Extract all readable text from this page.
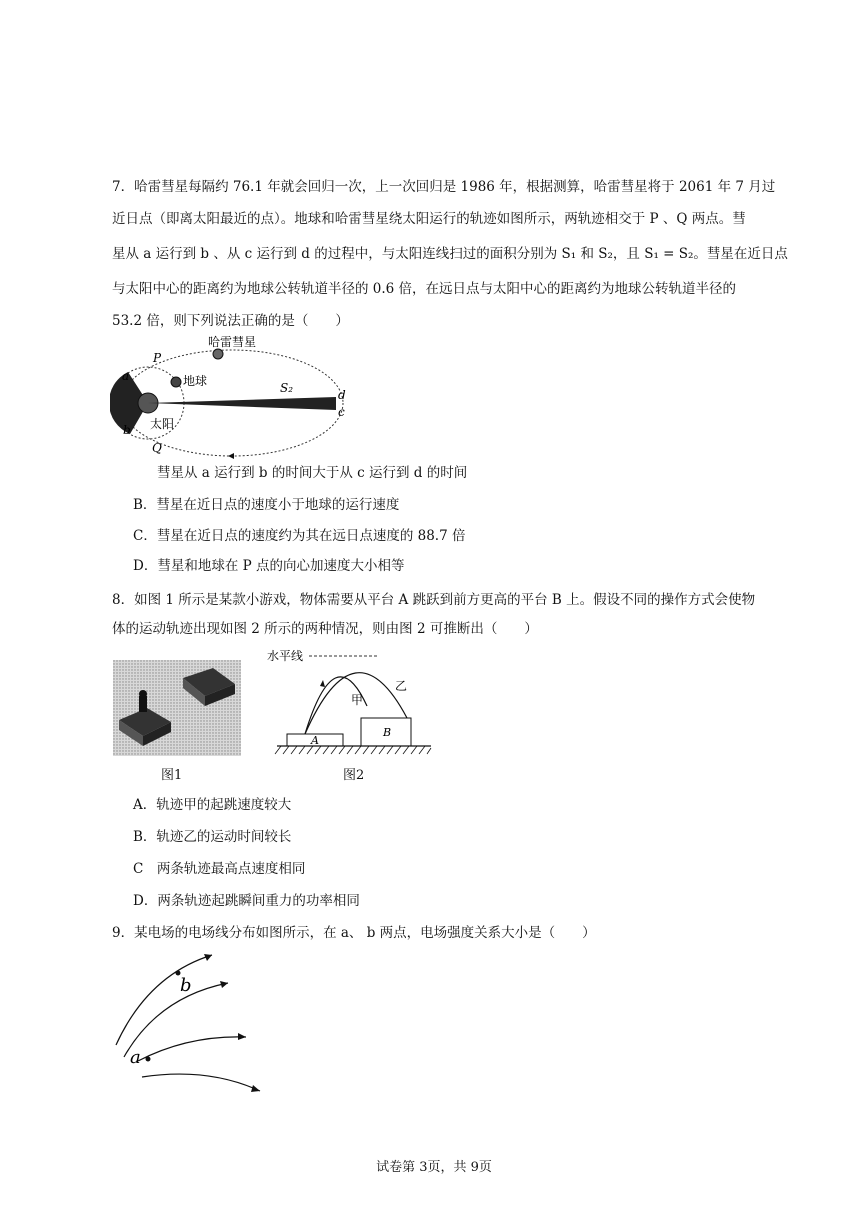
7．哈雷彗星每隔约 76.1 年就会回归一次，上一次回归是 1986 年，根据测算，哈雷彗星将于 2061 年 7 月过
近日点（即离太阳最近的点）。地球和哈雷彗星绕太阳运行的轨迹如图所示，两轨迹相交于 P 、Q 两点。彗
星从 a 运行到 b 、从 c 运行到 d 的过程中，与太阳连线扫过的面积分别为 S₁ 和 S₂，且 S₁ = S₂。彗星在近日点
与太阳中心的距离约为地球公转轨道半径的 0.6 倍，在远日点与太阳中心的距离约为地球公转轨道半径的
53.2 倍，则下列说法正确的是（　　）
哈雷彗星
地球
太阳
S₂
P
Q
a
b
d
c
彗星从 a 运行到 b 的时间大于从 c 运行到 d 的时间
B．彗星在近日点的速度小于地球的运行速度
C．彗星在近日点的速度约为其在远日点速度的 88.7 倍
D．彗星和地球在 P 点的向心加速度大小相等
8．如图 1 所示是某款小游戏，物体需要从平台 A 跳跃到前方更高的平台 B 上。假设不同的操作方式会使物
体的运动轨迹出现如图 2 所示的两种情况，则由图 2 可推断出（　　）
图1
水平线
甲
乙
A
B
图2
A．轨迹甲的起跳速度较大
B．轨迹乙的运动时间较长
C　两条轨迹最高点速度相同
D．两条轨迹起跳瞬间重力的功率相同
9．某电场的电场线分布如图所示，在 a、 b 两点，电场强度关系大小是（　　）
b
a
试卷第 3页，共 9页
